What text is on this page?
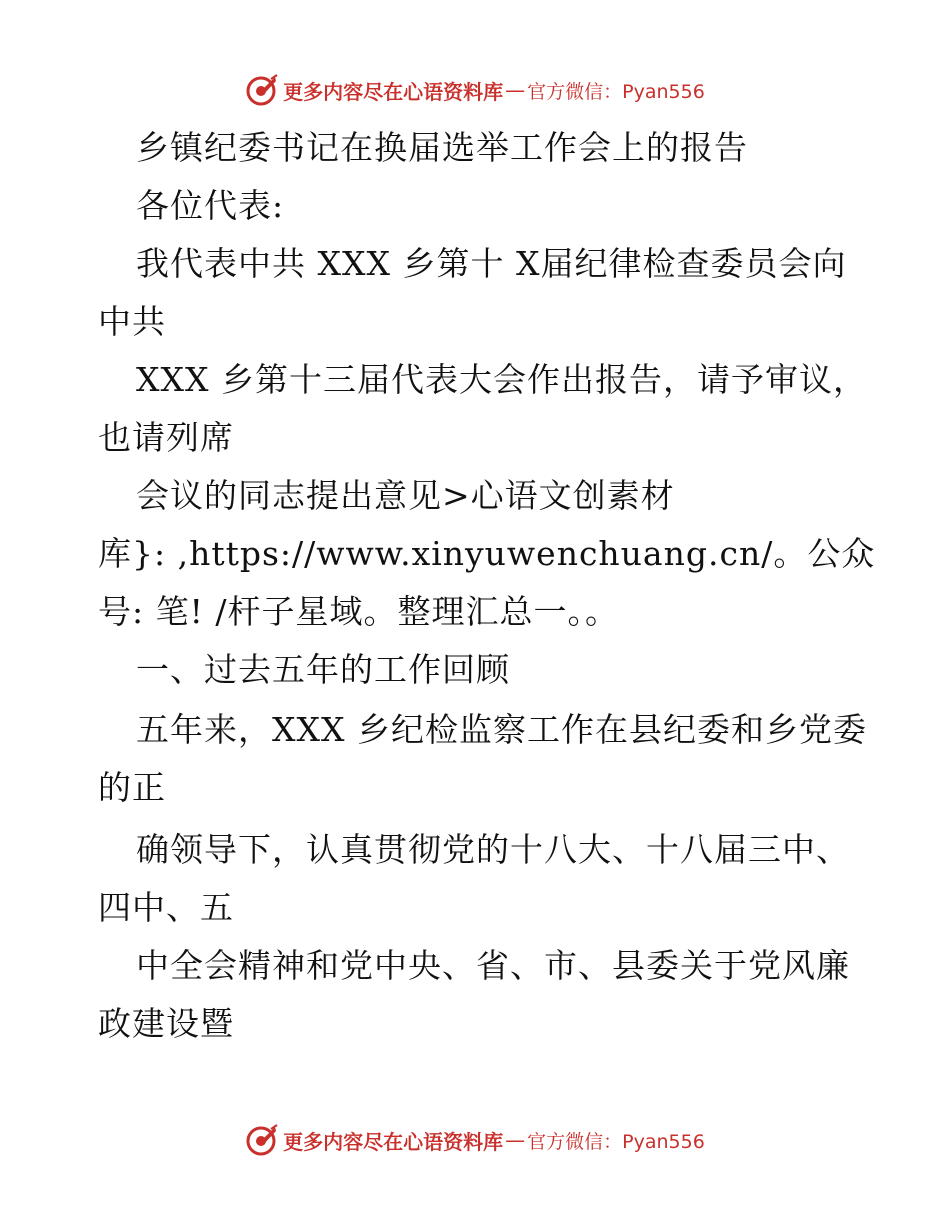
更多内容尽在心语资料库 — 官方微信：Pyan556
乡镇纪委书记在换届选举工作会上的报告
各位代表:
我代表中共 XXX 乡第十 X届纪律检查委员会向
中共
XXX 乡第十三届代表大会作出报告，请予审议，
也请列席
会议的同志提出意见>心语文创素材
库}: ,https://www.xinyuwenchuang.cn/。公众
号: 笔! /杆子星域。整理汇总一。。
一、过去五年的工作回顾
五年来，XXX 乡纪检监察工作在县纪委和乡党委
的正
确领导下，认真贯彻党的十八大、十八届三中、
四中、五
中全会精神和党中央、省、市、县委关于党风廉
政建设暨
更多内容尽在心语资料库 — 官方微信：Pyan556
